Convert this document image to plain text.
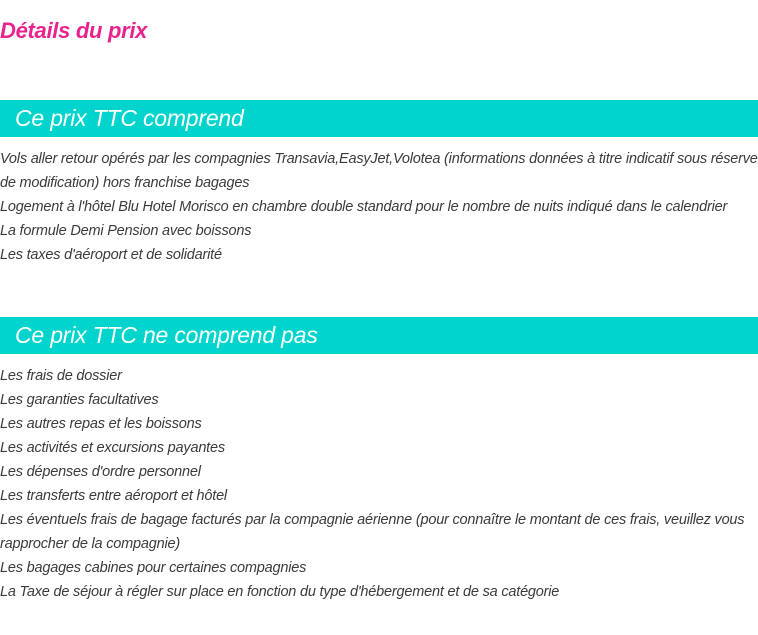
Détails du prix
Ce prix TTC comprend
Vols aller retour opérés par les compagnies Transavia,EasyJet,Volotea (informations données à titre indicatif sous réserve de modification) hors franchise bagages
Logement à l'hôtel Blu Hotel Morisco en chambre double standard pour le nombre de nuits indiqué dans le calendrier
La formule Demi Pension avec boissons
Les taxes d'aéroport et de solidarité
Ce prix TTC ne comprend pas
Les frais de dossier
Les garanties facultatives
Les autres repas et les boissons
Les activités et excursions payantes
Les dépenses d'ordre personnel
Les transferts entre aéroport et hôtel
Les éventuels frais de bagage facturés par la compagnie aérienne (pour connaître le montant de ces frais, veuillez vous rapprocher de la compagnie)
Les bagages cabines pour certaines compagnies
La Taxe de séjour à régler sur place en fonction du type d'hébergement et de sa catégorie
